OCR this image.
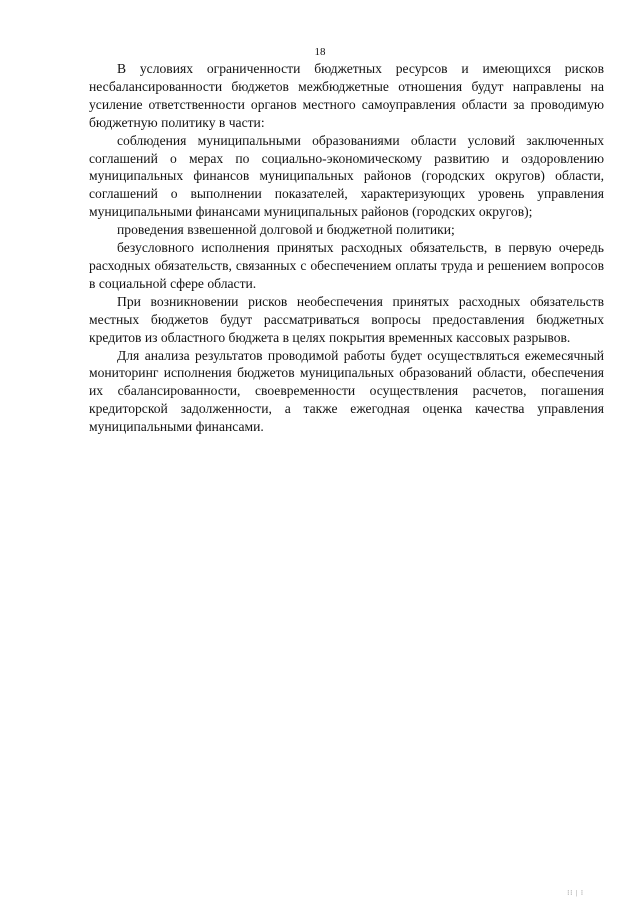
18

В условиях ограниченности бюджетных ресурсов и имеющихся рисков несбалансированности бюджетов межбюджетные отношения будут направлены на усиление ответственности органов местного самоуправления области за проводимую бюджетную политику в части:

соблюдения муниципальными образованиями области условий заключенных соглашений о мерах по социально-экономическому развитию и оздоровлению муниципальных финансов муниципальных районов (городских округов) области, соглашений о выполнении показателей, характеризующих уровень управления муниципальными финансами муниципальных районов (городских округов);

проведения взвешенной долговой и бюджетной политики;

безусловного исполнения принятых расходных обязательств, в первую очередь расходных обязательств, связанных с обеспечением оплаты труда и решением вопросов в социальной сфере области.

При возникновении рисков необеспечения принятых расходных обязательств местных бюджетов будут рассматриваться вопросы предоставления бюджетных кредитов из областного бюджета в целях покрытия временных кассовых разрывов.

Для анализа результатов проводимой работы будет осуществляться ежемесячный мониторинг исполнения бюджетов муниципальных образований области, обеспечения их сбалансированности, своевременности осуществления расчетов, погашения кредиторской задолженности, а также ежегодная оценка качества управления муниципальными финансами.

⁞⁞ | ⁞
